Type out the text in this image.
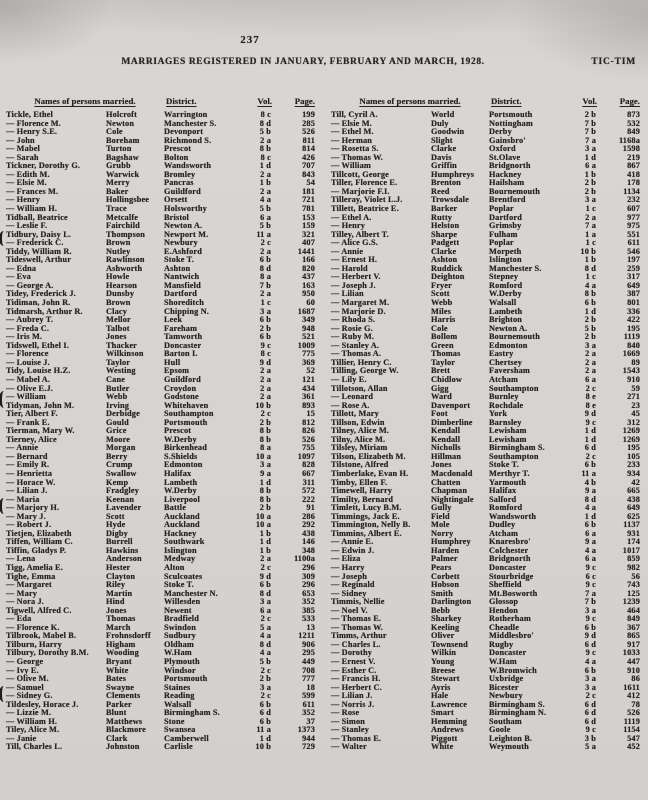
237
MARRIAGES REGISTERED IN JANUARY, FEBRUARY AND MARCH, 1928.	TIC-TIM
Names of persons married.	District.	Vol.	Page.
Tickle, Ethel	Holcroft	Warrington	8 c	199
— Florence M.	Newton	Manchester S.	8 d	285
— Henry S.E.	Cole	Devonport	5 b	526
— John	Boreham	Richmond S.	2 a	811
— Mabel	Turton	Prescot	8 b	814
— Sarah	Bagshaw	Bolton	8 c	426
Tickner, Dorothy G.	Grubb	Wandsworth	1 d	707
— Edith M.	Warwick	Bromley	2 a	843
— Elsie M.	Merry	Pancras	1 b	54
— Frances M.	Baker	Guildford	2 a	181
— Henry	Hollingsbee	Orsett	4 a	721
— William H.	Trace	Holsworthy	5 b	781
Tidball, Beatrice	Metcalfe	Bristol	6 a	153
— Leslie F.	Fairchild	Newton A.	5 b	159
Tidbury, Daisy L.	Thompson	Newport M.	11 a	321
— Frederick C.	Brown	Newbury	2 c	407
Tiddy, William R.	Nutley	E.Ashford	2 a	1441
Tideswell, Arthur	Rawlinson	Stoke T.	6 b	166
— Edna	Ashworth	Ashton	8 d	820
— Eva	Howle	Nantwich	8 a	437
— George A.	Hearson	Mansfield	7 b	163
Tidey, Frederick J.	Dunsby	Dartford	2 a	950
Tidiman, John R.	Brown	Shoreditch	1 c	60
Tidmarsh, Arthur R.	Clacy	Chipping N.	3 a	1687
— Aubrey T.	Mellor	Leek	6 b	349
— Freda C.	Talbot	Fareham	2 b	948
— Iris M.	Jones	Tamworth	6 b	521
Tidswell, Ethel I.	Thacker	Doncaster	9 c	1009
— Florence	Wilkinson	Barton I.	8 c	775
— Louise J.	Taylor	Hull	9 d	369
Tidy, Louise H.Z.	Westing	Epsom	2 a	52
— Mabel A.	Cane	Guildford	2 a	121
— Olive E.J.	Butler	Croydon	2 a	434
— William	Webb	Godstone	2 a	361
Tidyman, John M.	Irving	Whitehaven	10 b	893
Tier, Albert F.	Derbidge	Southampton	2 c	15
— Frank E.	Gould	Portsmouth	2 b	812
Tierman, Mary W.	Grice	Prescot	8 b	826
Tierney, Alice	Moore	W.Derby	8 b	526
— Annie	Morgan	Birkenhead	8 a	755
— Bernard	Berry	S.Shields	10 a	1097
— Emily R.	Crump	Edmonton	3 a	828
— Henrietta	Swallow	Halifax	9 a	667
— Horace W.	Kemp	Lambeth	1 d	311
— Lilian J.	Fradgley	W.Derby	8 b	572
— Maria	Keenan	Liverpool	8 b	222
— Marjory H.	Lavender	Battle	2 b	91
— Mary J.	Scott	Auckland	10 a	286
— Robert J.	Hyde	Auckland	10 a	292
Tietjen, Elizabeth	Digby	Hackney	1 b	438
Tiffen, William C.	Burrell	Southwark	1 d	146
Tiffin, Gladys P.	Hawkins	Islington	1 b	348
— Lena	Anderson	Medway	2 a	1100a
Tigg, Amelia E.	Hester	Alton	2 c	296
Tighe, Emma	Clayton	Sculcoates	9 d	309
— Margaret	Riley	Stoke T.	6 b	296
— Mary	Martin	Manchester N.	8 d	653
— Nora J.	Hind	Willesden	3 a	352
Tigwell, Alfred C.	Jones	Newent	6 a	385
— Eda	Thomas	Bradfield	2 c	533
— Florence K.	March	Swindon	5 a	13
Tilbrook, Mabel B.	Frohnsdorff	Sudbury	4 a	1211
Tilburn, Harry	Higham	Oldham	8 d	906
Tilbury, Dorothy B.M.	Wooding	W.Ham	4 a	295
— George	Bryant	Plymouth	5 b	449
— Ivy E.	White	Windsor	2 c	708
— Olive M.	Bates	Portsmouth	2 b	777
— Samuel	Swayne	Staines	3 a	18
— Sidney G.	Clements	Reading	2 c	599
Tildesley, Horace J.	Parker	Walsall	6 b	611
— Lizzie M.	Blunt	Birmingham S.	6 d	352
— William H.	Matthews	Stone	6 b	37
Tiley, Alice M.	Blackmore	Swansea	11 a	1373
— Janie	Clark	Camberwell	1 d	944
Till, Charles L.	Johnston	Carlisle	10 b	729
Names of persons married.	District.	Vol.	Page.
Till, Cyril A.	World	Portsmouth	2 b	873
— Elsie M.	Duly	Nottingham	7 b	532
— Ethel M.	Goodwin	Derby	7 b	849
— Herman	Slight	Gainsbro'	7 a	1168a
— Rosetta S.	Clarke	Oxford	3 a	1598
— Thomas W.	Davis	St.Olave	1 d	219
— William	Griffin	Bridgnorth	6 a	867
Tillcott, George	Humphreys	Hackney	1 b	418
Tiller, Florence E.	Brenton	Hailsham	2 b	178
— Marjorie F.I.	Reed	Bournemouth	2 b	1134
Tilleray, Violet L.J.	Trowsdale	Brentford	3 a	232
Tillett, Beatrice E.	Barker	Poplar	1 c	607
— Ethel A.	Rutty	Dartford	2 a	977
— Henry	Helston	Grimsby	7 a	975
Tilley, Albert T.	Sharpe	Fulham	1 a	551
— Alice G.S.	Padgett	Poplar	1 c	611
— Annie	Clarke	Morpeth	10 b	546
— Ernest H.	Ashton	Islington	1 b	197
— Harold	Ruddick	Manchester S.	8 d	259
— Herbert V.	Deighton	Stepney	1 c	317
— Joseph J.	Fryer	Romford	4 a	649
— Lilian	Scott	W.Derby	8 b	387
— Margaret M.	Webb	Walsall	6 b	801
— Marjorie D.	Miles	Lambeth	1 d	336
— Rhoda S.	Harris	Brighton	2 b	422
— Rosie G.	Cole	Newton A.	5 b	195
— Ruby M.	Bollom	Bournemouth	2 b	1119
— Stanley A.	Green	Edmonton	3 a	840
— Thomas A.	Thomas	Eastry	2 a	1669
Tillier, Henry C.	Taylor	Chertsey	2 a	89
Tilling, George W.	Brett	Faversham	2 a	1543
— Lily E.	Chidlow	Atcham	6 a	910
Tillotson, Allan	Gigg	Southampton	2 c	59
— Leonard	Ward	Burnley	8 e	271
— Rose A.	Davenport	Rochdale	8 e	23
Tillott, Mary	Foot	York	9 d	45
Tillson, Edwin	Dimberline	Barnsley	9 c	312
Tilney, Alice M.	Kendall	Lewisham	1 d	1269
Tilny, Alice M.	Kendall	Lewisham	1 d	1269
Tilsley, Miriam	Nicholls	Birmingham S.	6 d	195
Tilson, Elizabeth M.	Hillman	Southampton	2 c	105
Tilstone, Alfred	Jones	Stoke T.	6 b	233
Timberlake, Evan H.	Macdonald	Merthyr T.	11 a	934
Timby, Ellen F.	Chatten	Yarmouth	4 b	42
Timewell, Harry	Chapman	Halifax	9 a	665
Timilty, Bernard	Nightingale	Salford	8 d	438
Timlett, Lucy B.M.	Gully	Romford	4 a	649
Timmings, Jack E.	Field	Wandsworth	1 d	625
Timmington, Nelly B.	Mole	Dudley	6 b	1137
Timmins, Albert E.	Norry	Atcham	6 a	931
— Annie E.	Humphrey	Knaresbro'	9 a	174
— Edwin J.	Harden	Colchester	4 a	1017
— Eliza	Palmer	Bridgnorth	6 a	859
— Harry	Pears	Doncaster	9 c	982
— Joseph	Corbett	Stourbridge	6 c	56
— Reginald	Hobson	Sheffield	9 c	743
— Sidney	Smith	Mt.Bosworth	7 a	125
Timmis, Nellie	Darlington	Glossop	7 b	1239
— Noel V.	Bebb	Hendon	3 a	464
— Thomas E.	Sharkey	Rotherham	9 c	849
— Thomas W.	Keeling	Cheadle	6 b	367
Timms, Arthur	Oliver	Middlesbro'	9 d	865
— Charles L.	Townsend	Rugby	6 d	917
— Dorothy	Wilkin	Doncaster	9 c	1033
— Ernest V.	Young	W.Ham	4 a	447
— Esther C.	Breese	W.Bromwich	6 b	910
— Francis H.	Stewart	Uxbridge	3 a	86
— Herbert C.	Ayris	Bicester	3 a	1611
— Lilian J.	Hale	Newbury	2 c	412
— Norris J.	Lawrence	Birmingham S.	6 d	78
— Rose	Smart	Birmingham N.	6 d	526
— Simon	Hemming	Southam	6 d	1119
— Stanley	Andrews	Goole	9 c	1154
— Thomas E.	Piggott	Leighton B.	3 b	547
— Walter	White	Weymouth	5 a	452
